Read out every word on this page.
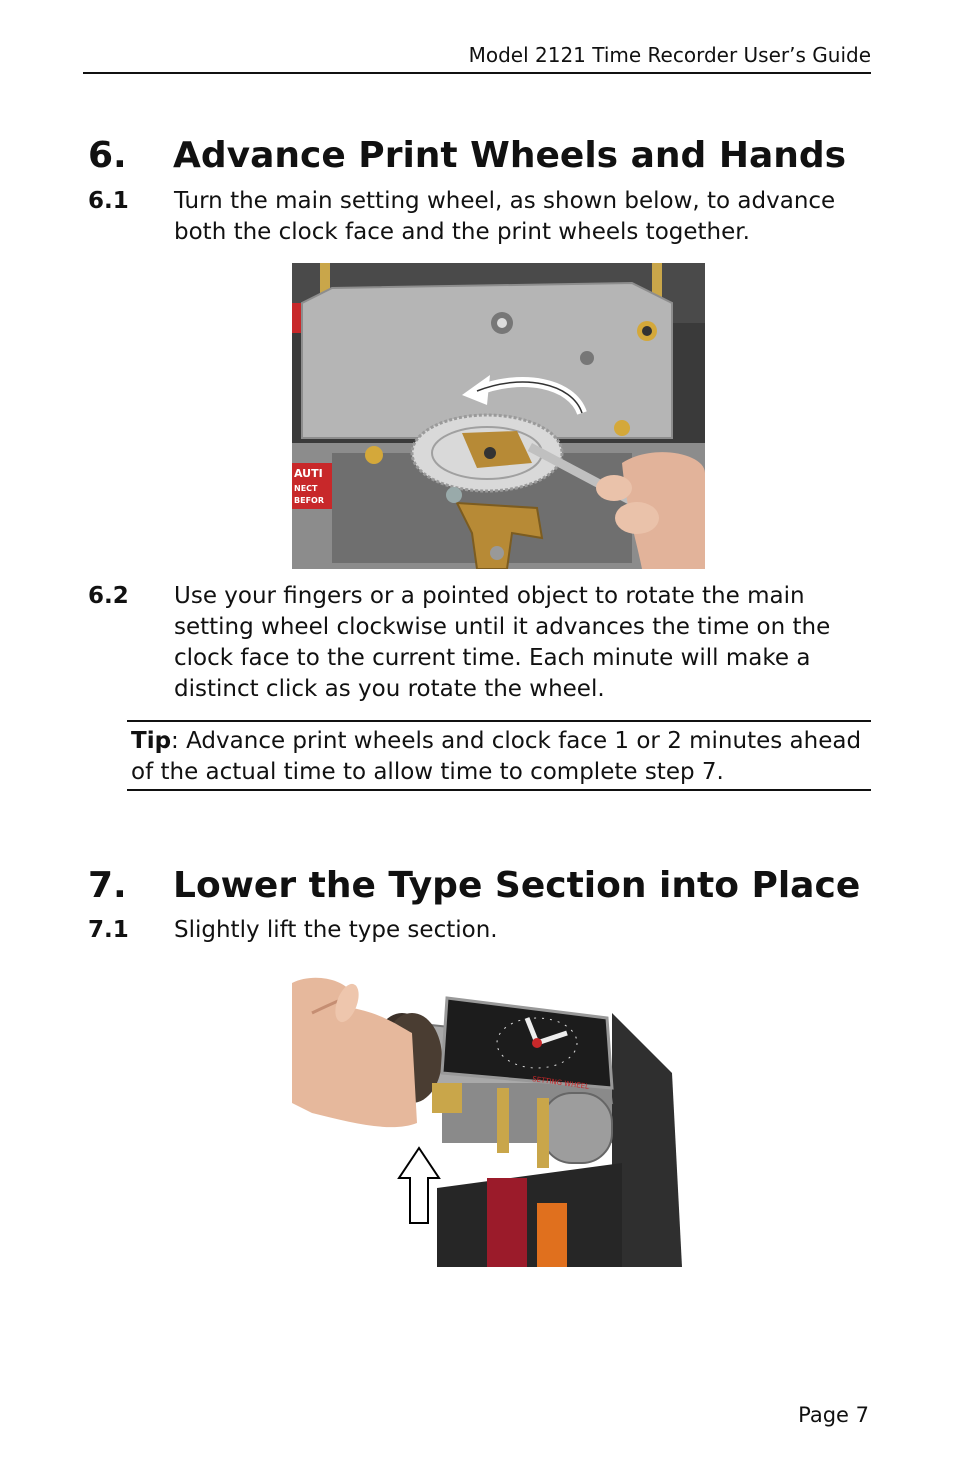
Model 2121 Time Recorder User’s Guide
6. Advance Print Wheels and Hands
6.1 Turn the main setting wheel, as shown below, to advance both the clock face and the print wheels together.
AUTI
NECT
BEFOR
6.2 Use your fingers or a pointed object to rotate the main setting wheel clockwise until it advances the time on the clock face to the current time. Each minute will make a distinct click as you rotate the wheel.
Tip: Advance print wheels and clock face 1 or 2 minutes ahead of the actual time to allow time to complete step 7.
7. Lower the Type Section into Place
7.1 Slightly lift the type section.
SETTING WHEEL
Page 7
